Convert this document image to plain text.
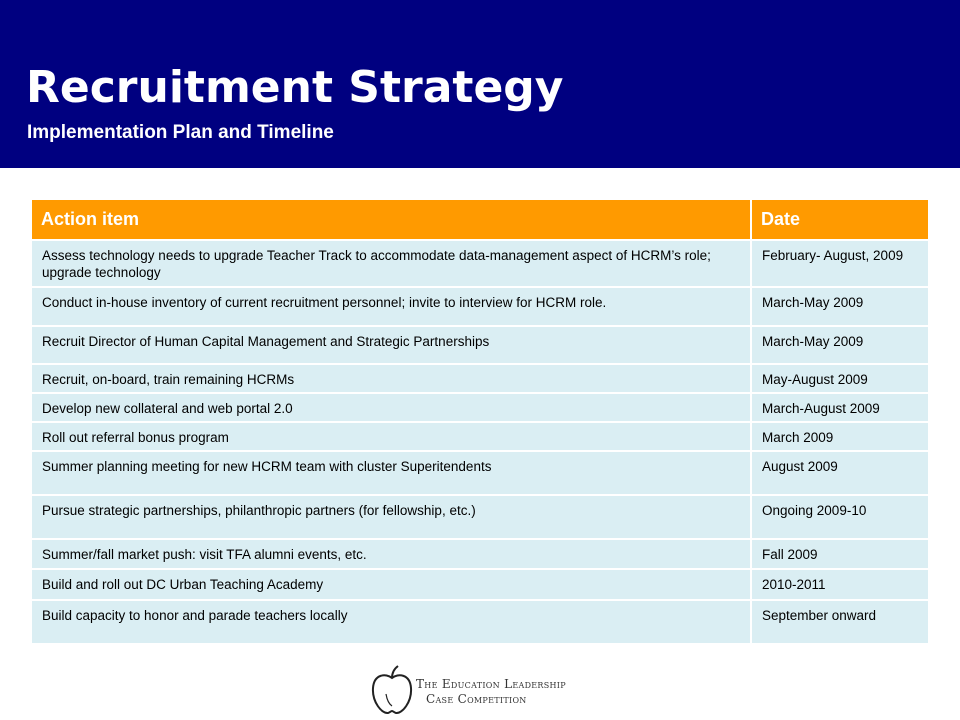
Recruitment Strategy
Implementation Plan and Timeline
Action item	Date
Assess technology needs to upgrade Teacher Track to accommodate data-management aspect of HCRM’s role; upgrade technology	February- August, 2009
Conduct in-house inventory of current recruitment personnel; invite to interview for HCRM role.	March-May 2009
Recruit Director of Human Capital Management and Strategic Partnerships	March-May 2009
Recruit, on-board, train remaining HCRMs	May-August 2009
Develop new collateral and web portal 2.0	March-August 2009
Roll out referral bonus program	March 2009
Summer planning meeting for new HCRM team with cluster Superitendents	August 2009
Pursue strategic partnerships, philanthropic partners (for fellowship, etc.)	Ongoing 2009-10
Summer/fall market push: visit TFA alumni events, etc.	Fall 2009
Build and roll out DC Urban Teaching Academy	2010-2011
Build capacity to honor and parade teachers locally	September onward
The Education Leadership
Case Competition
